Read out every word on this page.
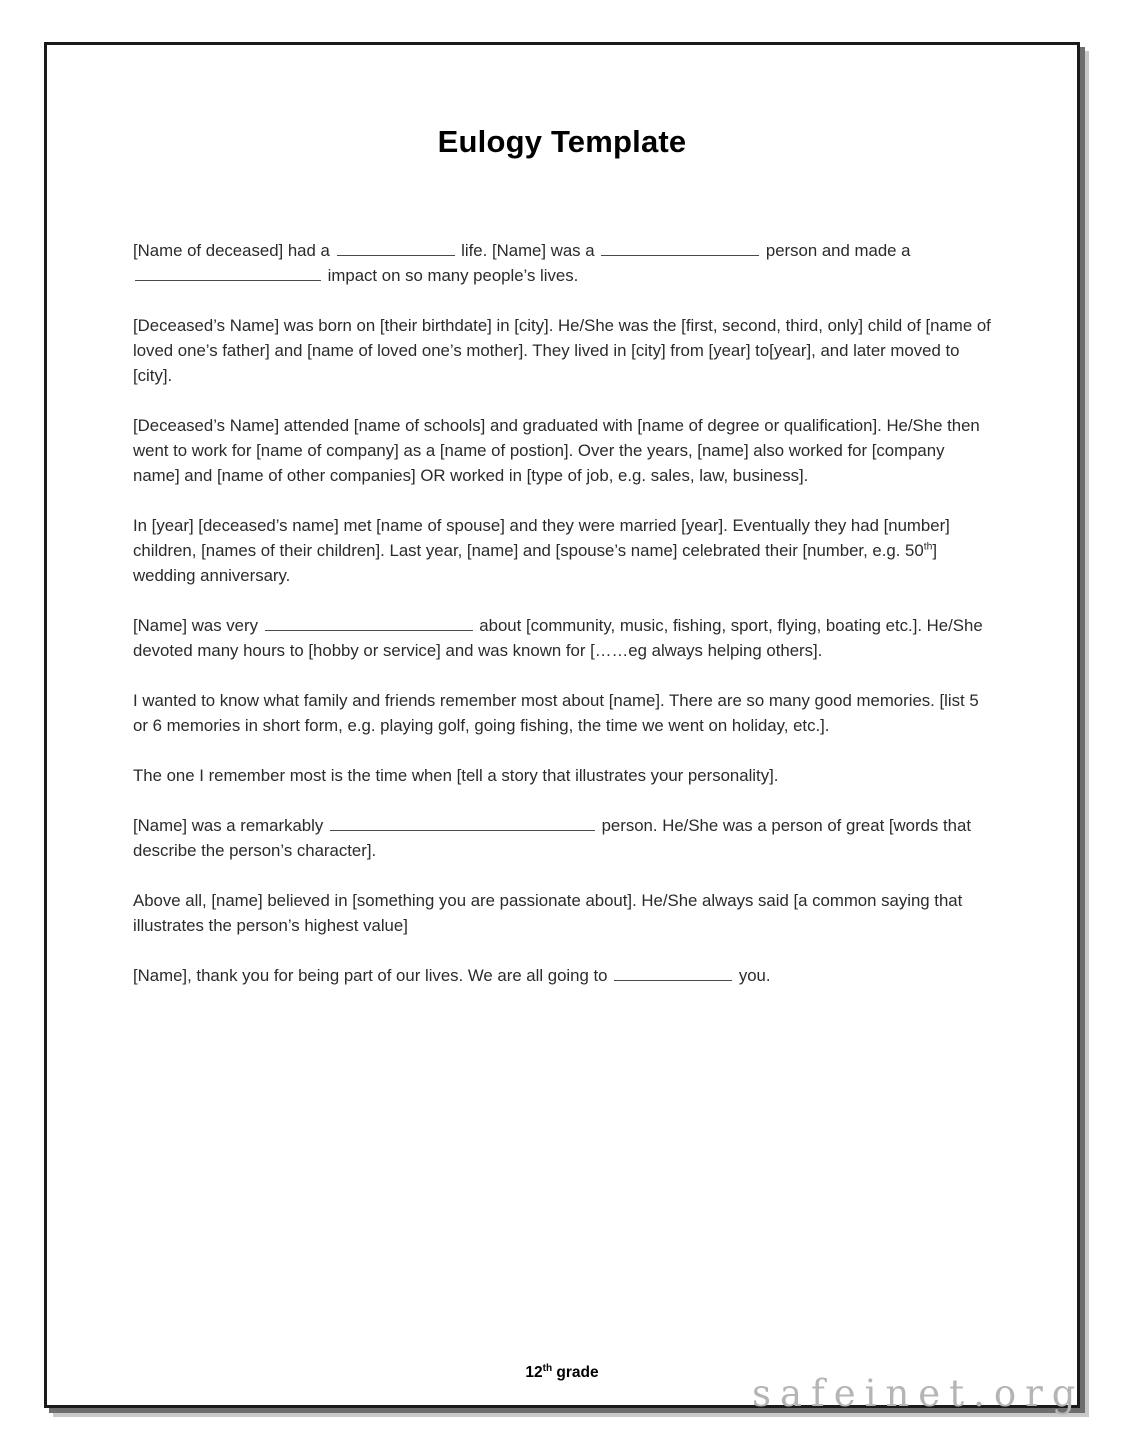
Eulogy Template

[Name of deceased] had a	life. [Name] was a	person and made a  impact on so many people’s lives.

[Deceased’s Name] was born on [their birthdate] in [city]. He/She was the [first, second, third, only] child of [name of loved one’s father] and [name of loved one’s mother]. They lived in [city] from [year] to[year], and later moved to [city].

[Deceased’s Name] attended [name of schools] and graduated with [name of degree or qualification]. He/She then went to work for [name of company] as a [name of postion]. Over the years, [name] also worked for [company name] and [name of other companies] OR worked in [type of job, e.g. sales, law, business].

In [year] [deceased’s name] met [name of spouse] and they were married [year]. Eventually they had [number] children, [names of their children]. Last year, [name] and [spouse’s name] celebrated their [number, e.g. 50th] wedding anniversary.

[Name] was very	about [community, music, fishing, sport, flying, boating etc.]. He/She devoted many hours to [hobby or service] and was known for [……eg always helping others].

I wanted to know what family and friends remember most about [name]. There are so many good memories. [list 5 or 6 memories in short form, e.g. playing golf, going fishing, the time we went on holiday, etc.].

The one I remember most is the time when [tell a story that illustrates your personality].

[Name] was a remarkably	person. He/She was a person of great [words that describe the person’s character].

Above all, [name] believed in [something you are passionate about]. He/She always said [a common saying that illustrates the person’s highest value]

[Name], thank you for being part of our lives. We are all going to	you.

12th grade	safeinet.org
